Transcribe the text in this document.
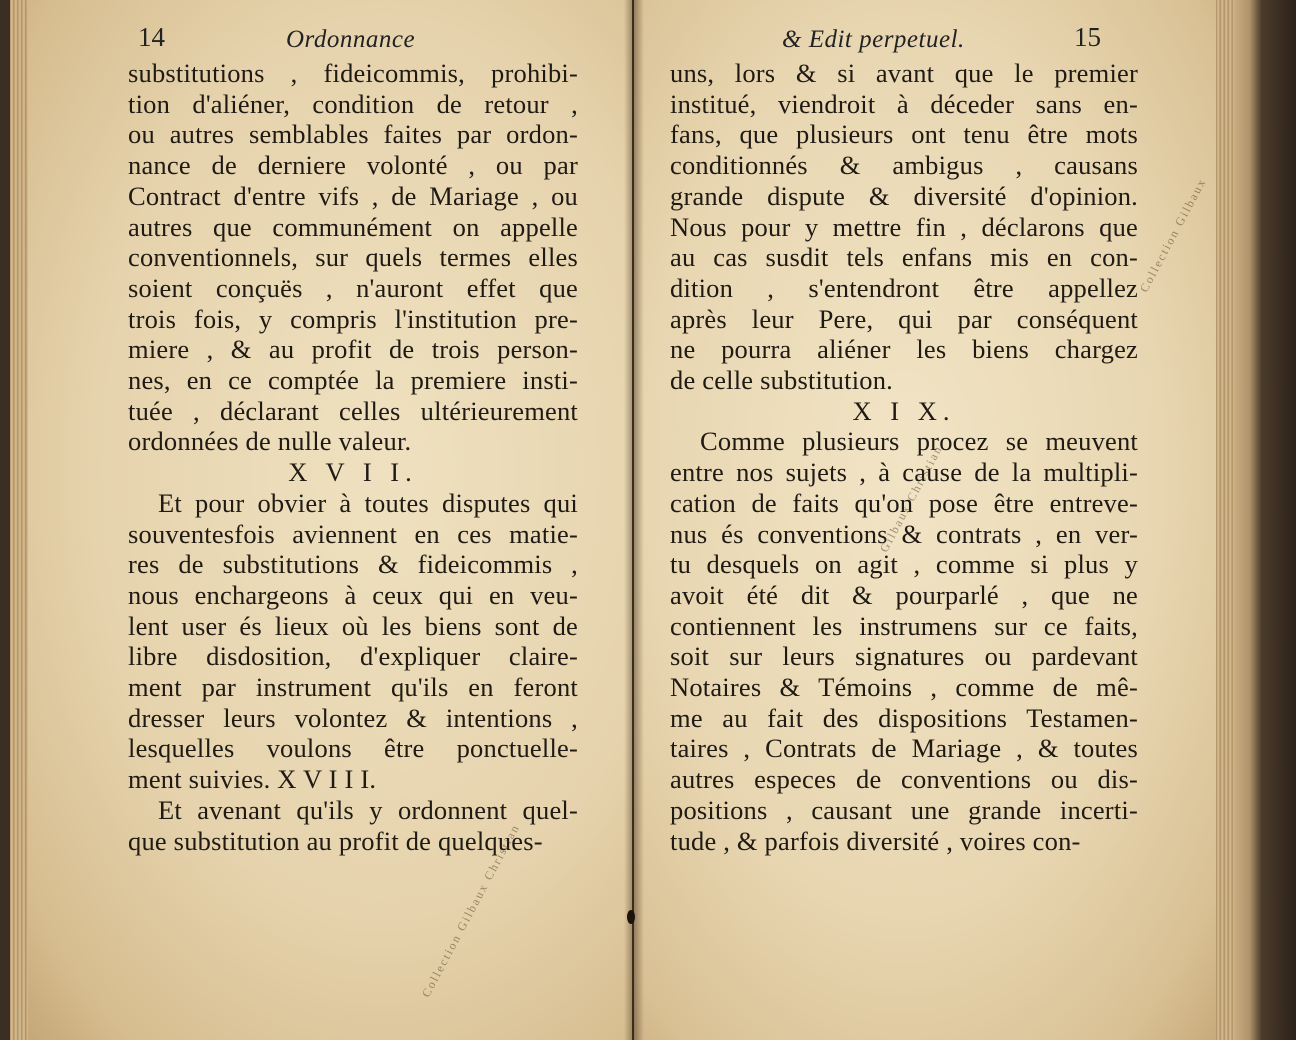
14	Ordonnance
substitutions , fideicommis, prohibi-
tion d'aliéner, condition de retour ,
ou autres semblables faites par ordon-
nance de derniere volonté , ou par
Contract d'entre vifs , de Mariage , ou
autres que communément on appelle
conventionnels, sur quels termes elles
soient conçuës , n'auront effet que
trois fois, y compris l'institution pre-
miere , & au profit de trois person-
nes, en ce comptée la premiere insti-
tuée , déclarant celles ultérieurement
ordonnées de nulle valeur.
X V I I.
Et pour obvier à toutes disputes qui
souventesfois aviennent en ces matie-
res de substitutions & fideicommis ,
nous enchargeons à ceux qui en veu-
lent user és lieux où les biens sont de
libre disdosition, d'expliquer claire-
ment par instrument qu'ils en feront
dresser leurs volontez & intentions ,
lesquelles voulons être ponctuelle-
ment suivies. X V I I I.
Et avenant qu'ils y ordonnent quel-
que substitution au profit de quelques-
& Edit perpetuel.	15
uns, lors & si avant que le premier
institué, viendroit à déceder sans en-
fans, que plusieurs ont tenu être mots
conditionnés & ambigus , causans
grande dispute & diversité d'opinion.
Nous pour y mettre fin , déclarons que
au cas susdit tels enfans mis en con-
dition , s'entendront être appellez
après leur Pere, qui par conséquent
ne pourra aliéner les biens chargez
de celle substitution.
X I X.
Comme plusieurs procez se meuvent
entre nos sujets , à cause de la multipli-
cation de faits qu'on pose être entreve-
nus és conventions & contrats , en ver-
tu desquels on agit , comme si plus y
avoit été dit & pourparlé , que ne
contiennent les instrumens sur ce faits,
soit sur leurs signatures ou pardevant
Notaires & Témoins , comme de mê-
me au fait des dispositions Testamen-
taires , Contrats de Mariage , & toutes
autres especes de conventions ou dis-
positions , causant une grande incerti-
tude , & parfois diversité , voires con-
Collection Gilbaux Christian
Collection Gilbaux
Gilbaux Christian
